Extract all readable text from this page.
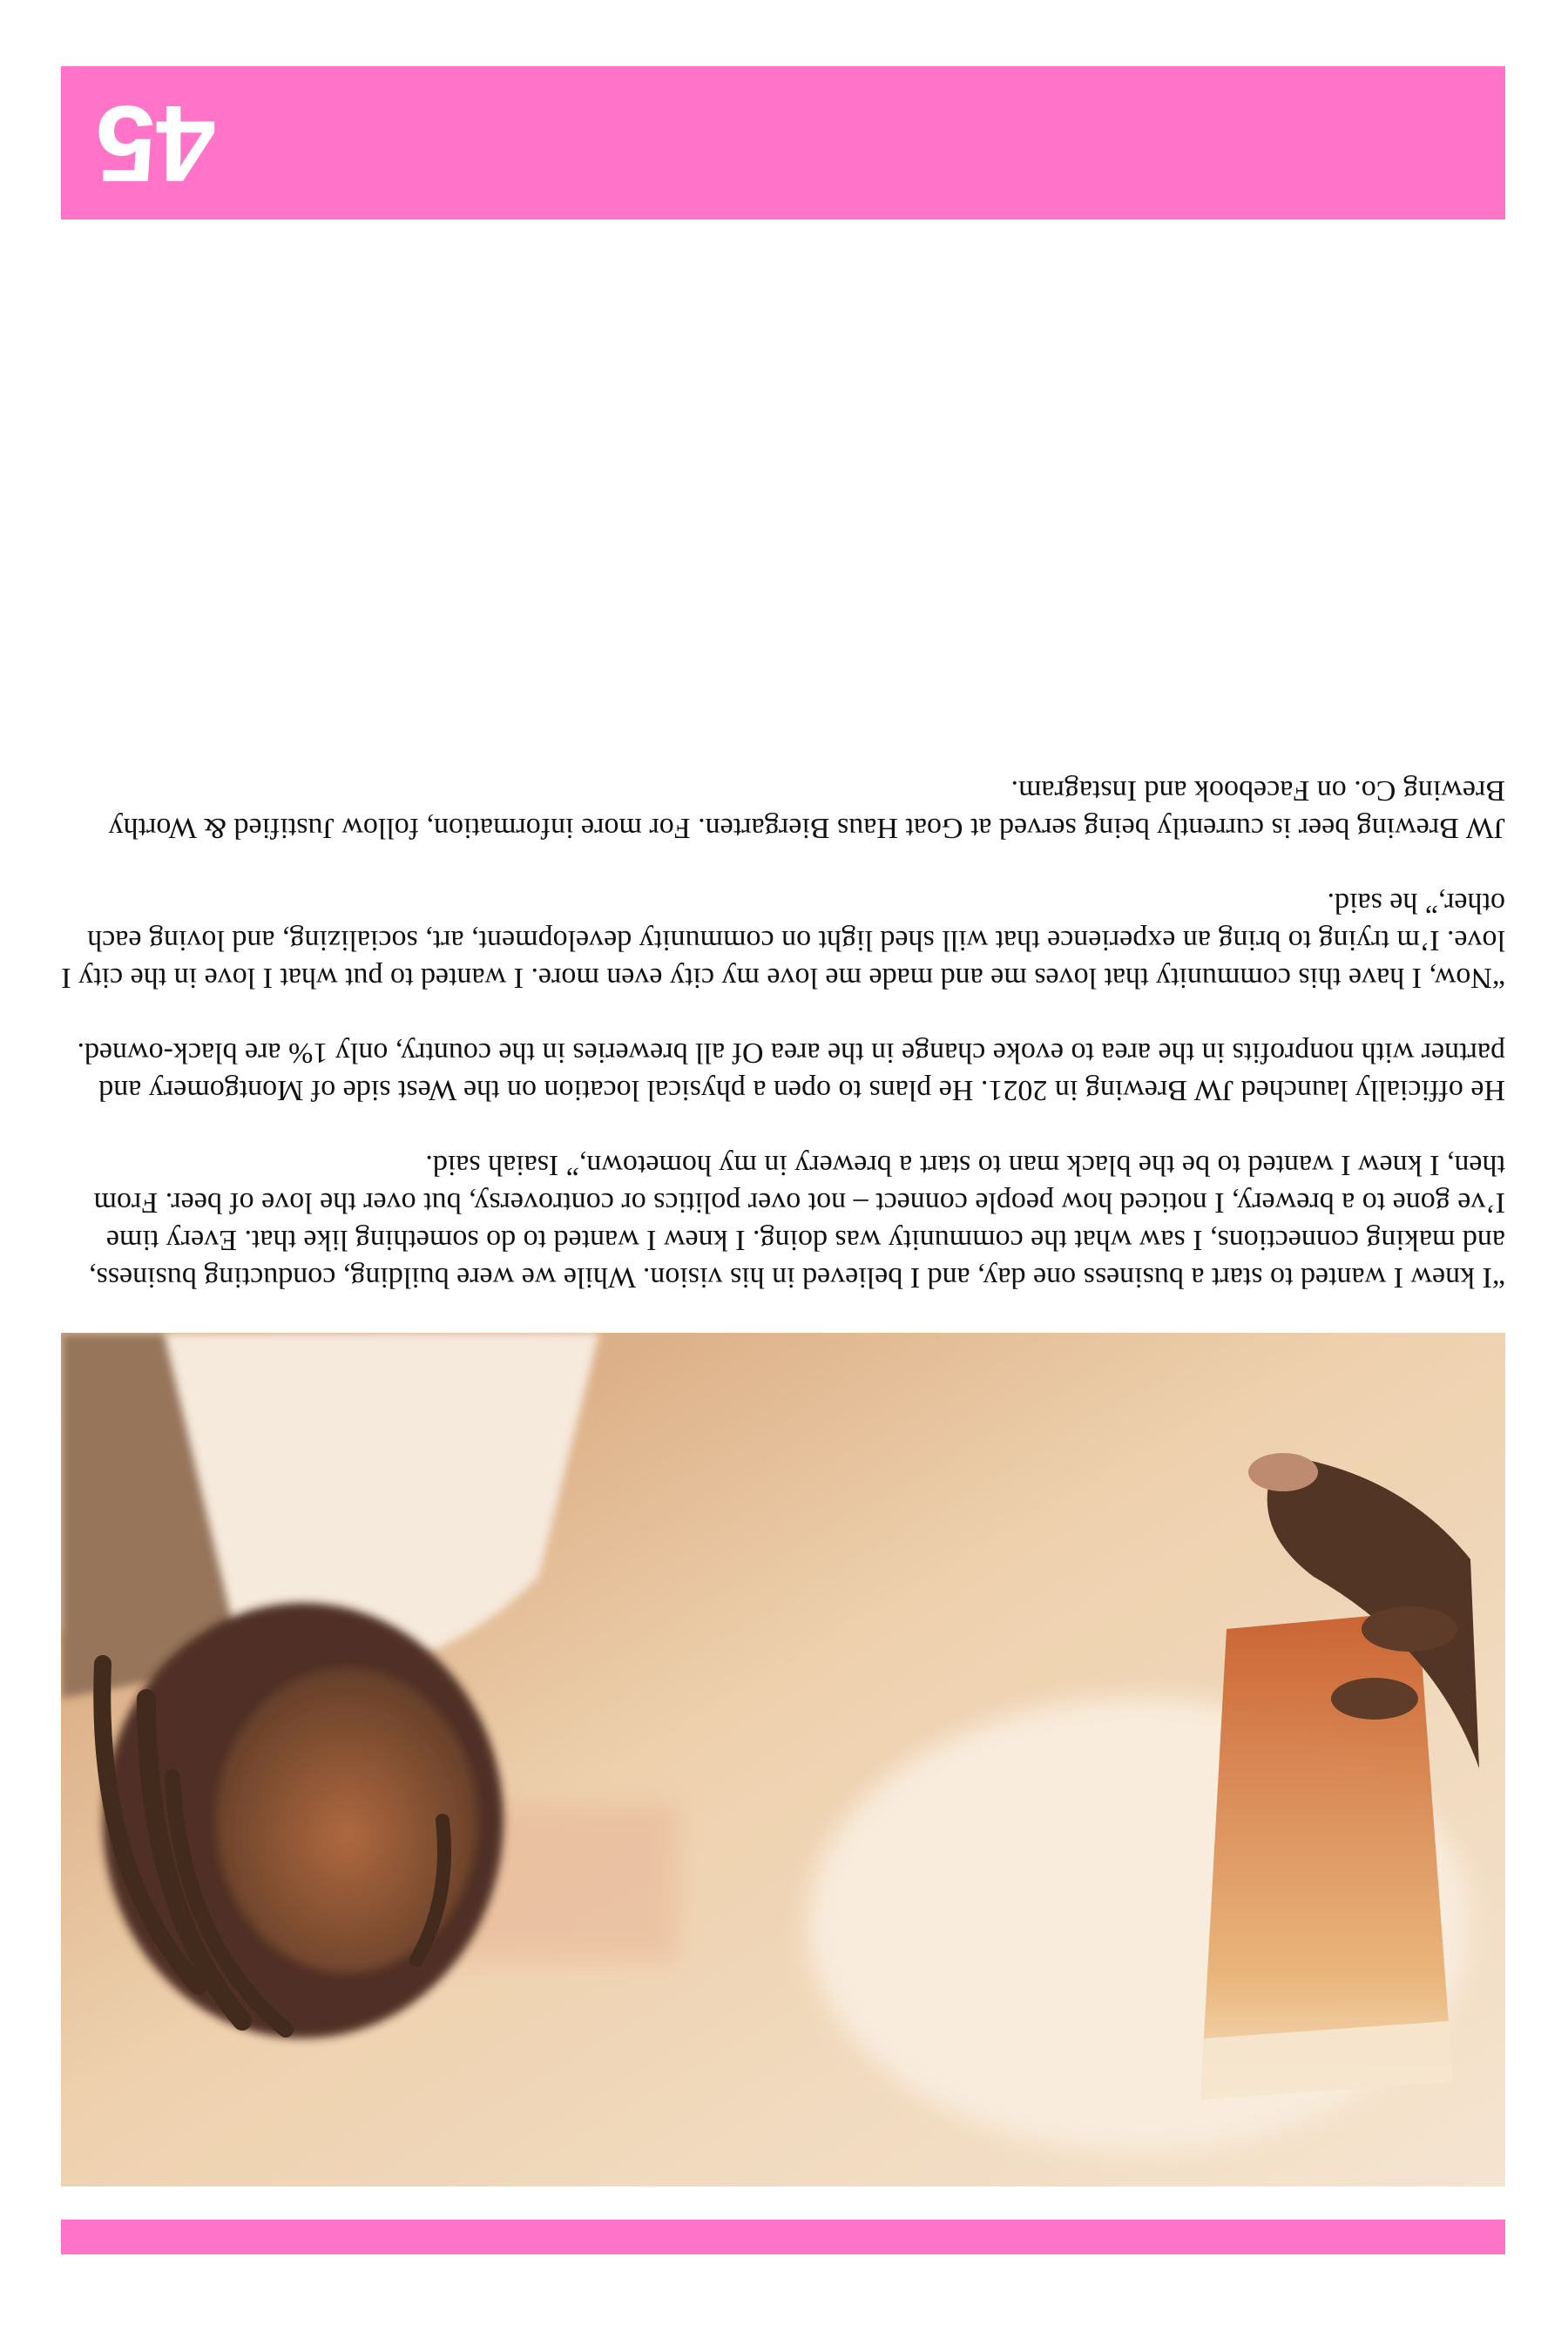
“I knew I wanted to start a business one day, and I believed in his vision. While we were building, conducting business, and making connections, I saw what the community was doing. I knew I wanted to do something like that. Every time I’ve gone to a brewery, I noticed how people connect – not over politics or controversy, but over the love of beer. From then, I knew I wanted to be the black man to start a brewery in my hometown,” Isaiah said.

He officially launched JW Brewing in 2021. He plans to open a physical location on the West side of Montgomery and partner with nonprofits in the area to evoke change in the area Of all breweries in the country, only 1% are black-owned.

“Now, I have this community that loves me and made me love my city even more. I wanted to put what I love in the city I love. I’m trying to bring an experience that will shed light on community development, art, socializing, and loving each other,” he said.

JW Brewing beer is currently being served at Goat Haus Biergarten. For more information, follow Justified & Worthy Brewing Co. on Facebook and Instagram.

45
